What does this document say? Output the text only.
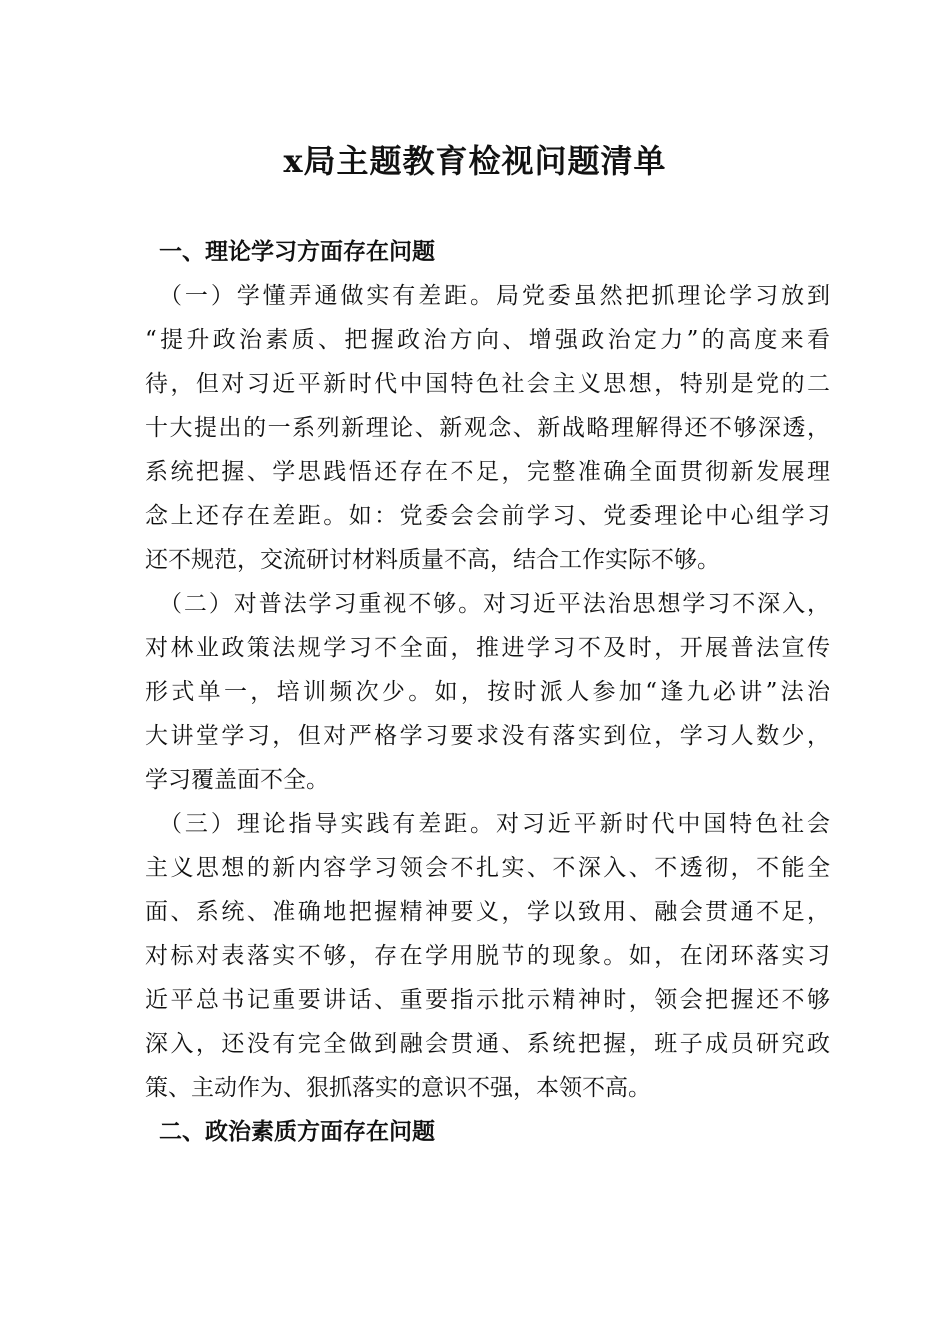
x局主题教育检视问题清单
一、理论学习方面存在问题
（一）学懂弄通做实有差距。局党委虽然把抓理论学习放到
“提升政治素质、把握政治方向、增强政治定力”的高度来看
待，但对习近平新时代中国特色社会主义思想，特别是党的二
十大提出的一系列新理论、新观念、新战略理解得还不够深透，
系统把握、学思践悟还存在不足，完整准确全面贯彻新发展理
念上还存在差距。如：党委会会前学习、党委理论中心组学习
还不规范，交流研讨材料质量不高，结合工作实际不够。
（二）对普法学习重视不够。对习近平法治思想学习不深入，
对林业政策法规学习不全面，推进学习不及时，开展普法宣传
形式单一，培训频次少。如，按时派人参加“逢九必讲”法治
大讲堂学习，但对严格学习要求没有落实到位，学习人数少，
学习覆盖面不全。
（三）理论指导实践有差距。对习近平新时代中国特色社会
主义思想的新内容学习领会不扎实、不深入、不透彻，不能全
面、系统、准确地把握精神要义，学以致用、融会贯通不足，
对标对表落实不够，存在学用脱节的现象。如，在闭环落实习
近平总书记重要讲话、重要指示批示精神时，领会把握还不够
深入，还没有完全做到融会贯通、系统把握，班子成员研究政
策、主动作为、狠抓落实的意识不强，本领不高。
二、政治素质方面存在问题
